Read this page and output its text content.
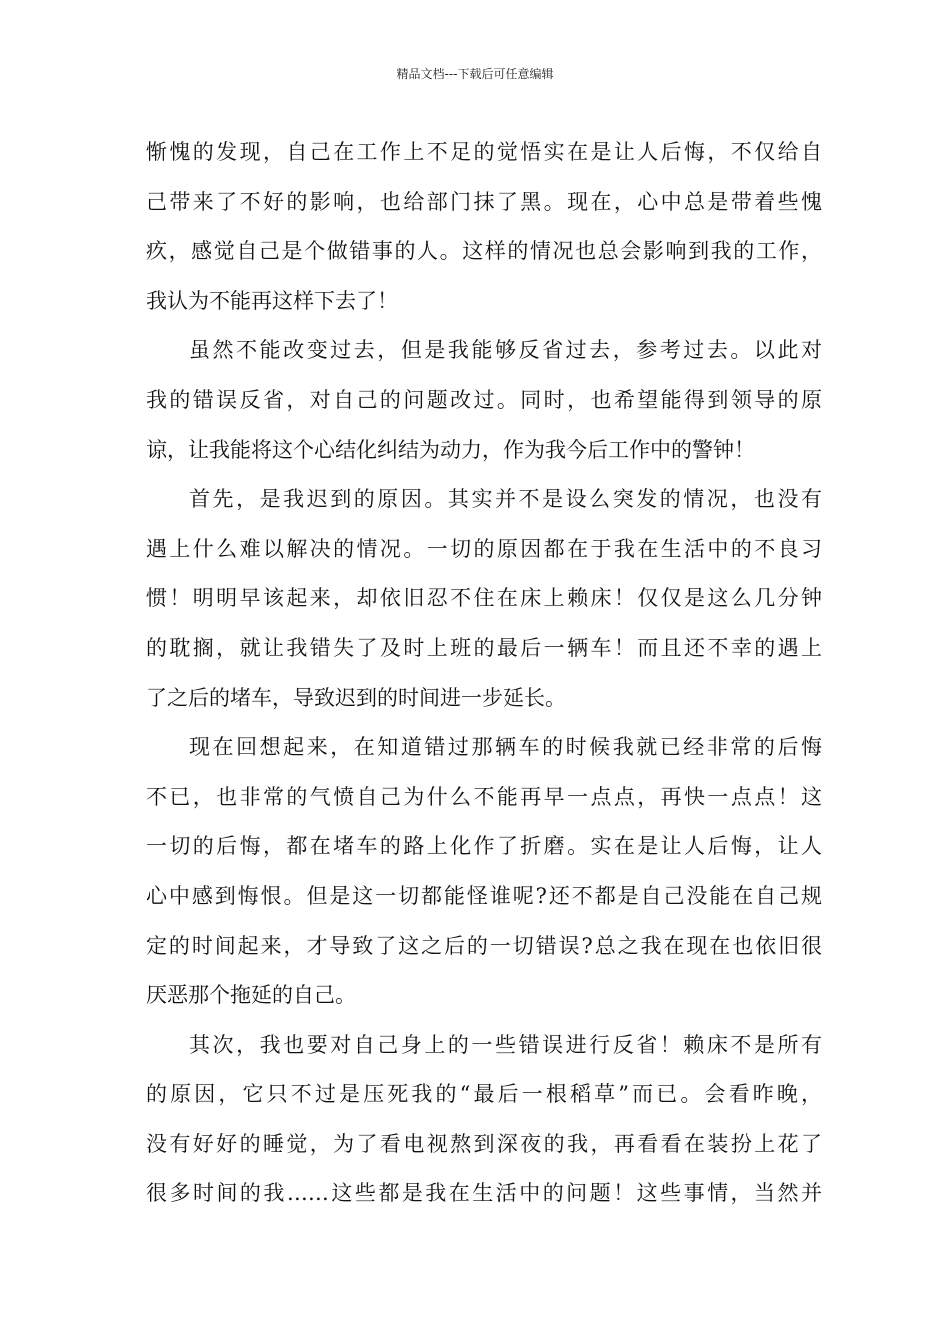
精品文档---下载后可任意编辑
惭愧的发现，自己在工作上不足的觉悟实在是让人后悔，不仅给自
己带来了不好的影响，也给部门抹了黑。现在，心中总是带着些愧
疚，感觉自己是个做错事的人。这样的情况也总会影响到我的工作，
我认为不能再这样下去了！
虽然不能改变过去，但是我能够反省过去，参考过去。以此对
我的错误反省，对自己的问题改过。同时，也希望能得到领导的原
谅，让我能将这个心结化纠结为动力，作为我今后工作中的警钟！
首先，是我迟到的原因。其实并不是设么突发的情况，也没有
遇上什么难以解决的情况。一切的原因都在于我在生活中的不良习
惯！明明早该起来，却依旧忍不住在床上赖床！仅仅是这么几分钟
的耽搁，就让我错失了及时上班的最后一辆车！而且还不幸的遇上
了之后的堵车，导致迟到的时间进一步延长。
现在回想起来，在知道错过那辆车的时候我就已经非常的后悔
不已，也非常的气愤自己为什么不能再早一点点，再快一点点！这
一切的后悔，都在堵车的路上化作了折磨。实在是让人后悔，让人
心中感到悔恨。但是这一切都能怪谁呢?还不都是自己没能在自己规
定的时间起来，才导致了这之后的一切错误?总之我在现在也依旧很
厌恶那个拖延的自己。
其次，我也要对自己身上的一些错误进行反省！赖床不是所有
的原因，它只不过是压死我的“最后一根稻草”而已。会看昨晚，
没有好好的睡觉，为了看电视熬到深夜的我，再看看在装扮上花了
很多时间的我……这些都是我在生活中的问题！这些事情，当然并
